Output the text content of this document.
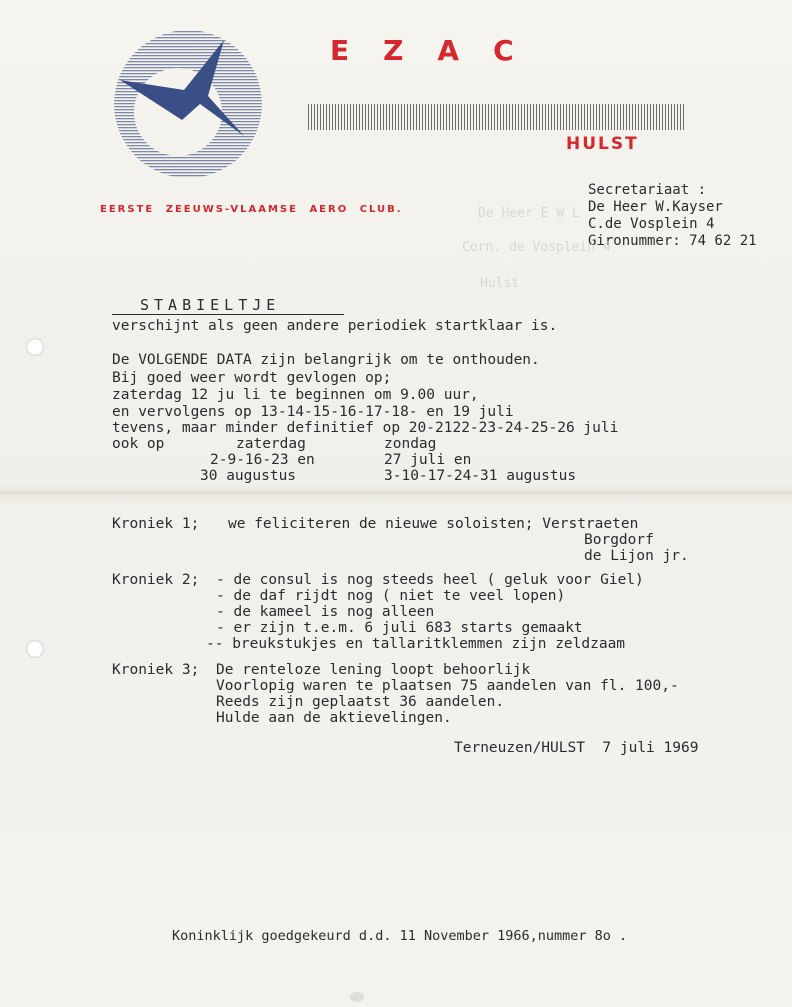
EZAC
HULST
EERSTE ZEEUWS-VLAAMSE AERO CLUB.
Secretariaat :
De Heer W.Kayser
C.de Vosplein 4
Gironummer: 74 62 21
De Heer E W L
Corn. de Vosplein 4
Hulst
STABIELTJE
verschijnt als geen andere periodiek startklaar is.
De VOLGENDE DATA zijn belangrijk om te onthouden.
Bij goed weer wordt gevlogen op;
zaterdag 12 ju li te beginnen om 9.00 uur,
en vervolgens op 13-14-15-16-17-18- en 19 juli
tevens, maar minder definitief op 20-2122-23-24-25-26 juli
ook op	zaterdag
2-9-16-23 en
30 augustus
zondag
27 juli en
3-10-17-24-31 augustus
Kroniek 1; we feliciteren de nieuwe soloisten; Verstraeten
Borgdorf
de Lijon jr.
Kroniek 2; - de consul is nog steeds heel ( geluk voor Giel)
- de daf rijdt nog ( niet te veel lopen)
- de kameel is nog alleen
- er zijn t.e.m. 6 juli 683 starts gemaakt
-- breukstukjes en tallaritklemmen zijn zeldzaam
Kroniek 3; De renteloze lening loopt behoorlijk
Voorlopig waren te plaatsen 75 aandelen van fl. 100,-
Reeds zijn geplaatst 36 aandelen.
Hulde aan de aktievelingen.
Terneuzen/HULST  7 juli 1969
Koninklijk goedgekeurd d.d. 11 November 1966,nummer 8o .
